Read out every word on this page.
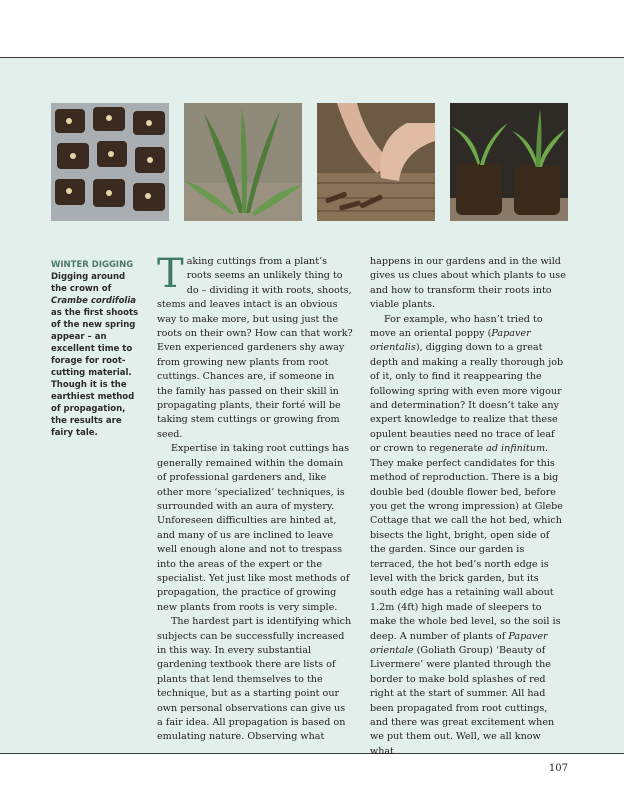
WINTER DIGGING
Digging around the crown of Crambe cordifolia as the first shoots of the new spring appear – an excellent time to forage for root-cutting material. Though it is the earthiest method of propagation, the results are fairy tale.

Taking cuttings from a plant’s roots seems an unlikely thing to do – dividing it with roots, shoots, stems and leaves intact is an obvious way to make more, but using just the roots on their own? How can that work? Even experienced gardeners shy away from growing new plants from root cuttings. Chances are, if someone in the family has passed on their skill in propagating plants, their forté will be taking stem cuttings or growing from seed.

Expertise in taking root cuttings has generally remained within the domain of professional gardeners and, like other more ‘specialized’ techniques, is surrounded with an aura of mystery. Unforeseen difficulties are hinted at, and many of us are inclined to leave well enough alone and not to trespass into the areas of the expert or the specialist. Yet just like most methods of propagation, the practice of growing new plants from roots is very simple.

The hardest part is identifying which subjects can be successfully increased in this way. In every substantial gardening textbook there are lists of plants that lend themselves to the technique, but as a starting point our own personal observations can give us a fair idea. All propagation is based on emulating nature. Observing what

happens in our gardens and in the wild gives us clues about which plants to use and how to transform their roots into viable plants.

For example, who hasn’t tried to move an oriental poppy (Papaver orientalis), digging down to a great depth and making a really thorough job of it, only to find it reappearing the following spring with even more vigour and determination? It doesn’t take any expert knowledge to realize that these opulent beauties need no trace of leaf or crown to regenerate ad infinitum. They make perfect candidates for this method of reproduction. There is a big double bed (double flower bed, before you get the wrong impression) at Glebe Cottage that we call the hot bed, which bisects the light, bright, open side of the garden. Since our garden is terraced, the hot bed’s north edge is level with the brick garden, but its south edge has a retaining wall about 1.2m (4ft) high made of sleepers to make the whole bed level, so the soil is deep. A number of plants of Papaver orientale (Goliath Group) ‘Beauty of Livermere’ were planted through the border to make bold splashes of red right at the start of summer. All had been propagated from root cuttings, and there was great excitement when we put them out. Well, we all know what

107
